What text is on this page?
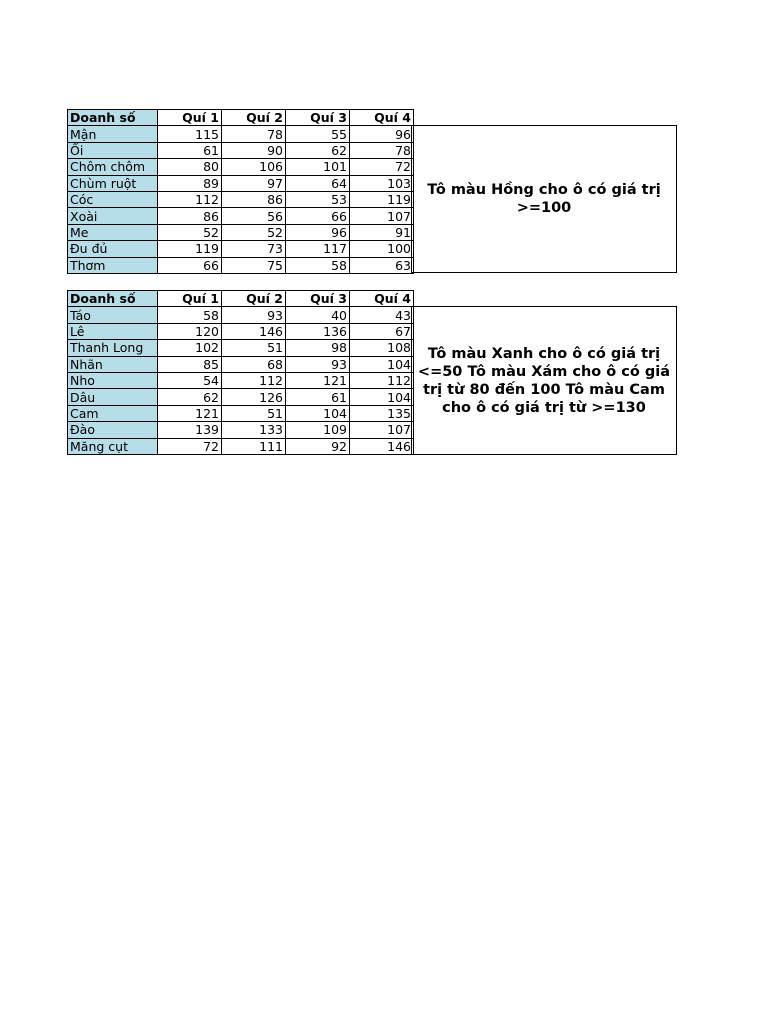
Doanh số	Quí 1	Quí 2	Quí 3	Quí 4
Mận	115	78	55	96
Ổi	61	90	62	78
Chôm chôm	80	106	101	72
Chùm ruột	89	97	64	103
Cóc	112	86	53	119
Xoài	86	56	66	107
Me	52	52	96	91
Đu đủ	119	73	117	100
Thơm	66	75	58	63
Tô màu Hồng cho ô có giá trị >=100
Doanh số	Quí 1	Quí 2	Quí 3	Quí 4
Táo	58	93	40	43
Lê	120	146	136	67
Thanh Long	102	51	98	108
Nhãn	85	68	93	104
Nho	54	112	121	112
Dâu	62	126	61	104
Cam	121	51	104	135
Đào	139	133	109	107
Măng cụt	72	111	92	146
Tô màu Xanh cho ô có giá trị <=50 Tô màu Xám cho ô có giá trị từ 80 đến 100 Tô màu Cam cho ô có giá trị từ >=130
